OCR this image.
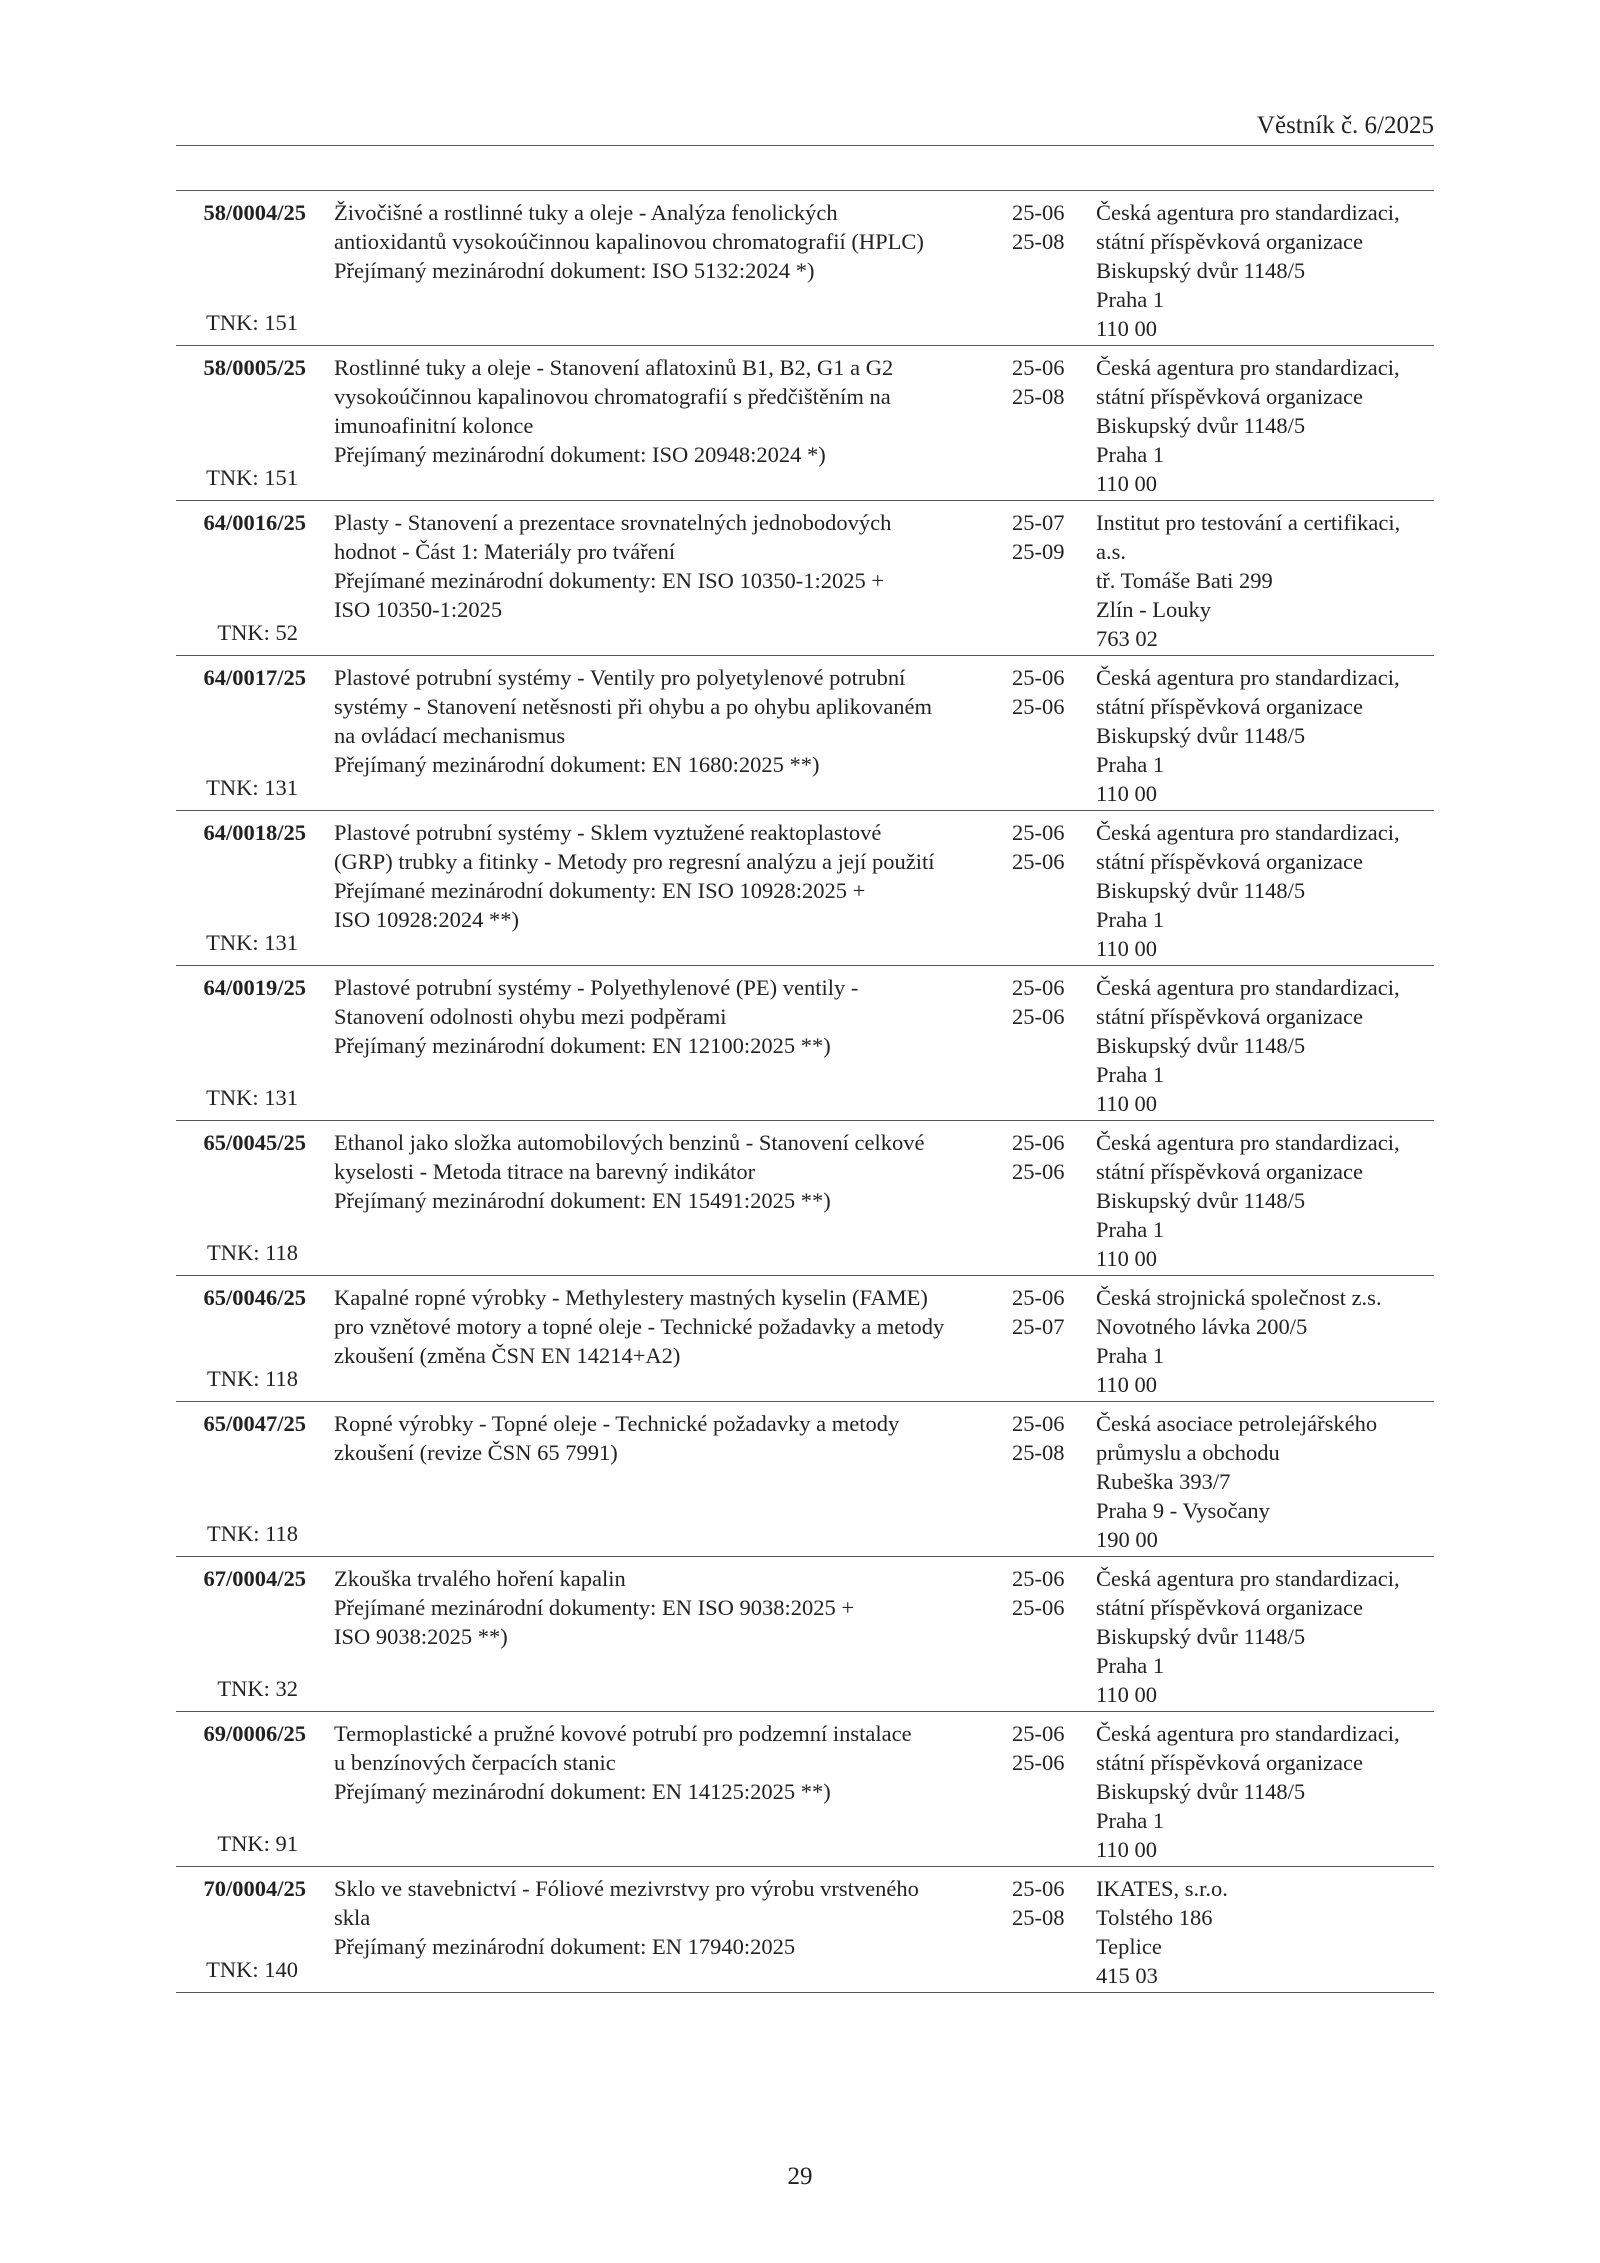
Věstník č. 6/2025
58/0004/25
TNK: 151
Živočišné a rostlinné tuky a oleje - Analýza fenolických
antioxidantů vysokoúčinnou kapalinovou chromatografií (HPLC)
Přejímaný mezinárodní dokument: ISO 5132:2024 *)
25-06
25-08
Česká agentura pro standardizaci,
státní příspěvková organizace
Biskupský dvůr 1148/5
Praha 1
110 00
58/0005/25
TNK: 151
Rostlinné tuky a oleje - Stanovení aflatoxinů B1, B2, G1 a G2
vysokoúčinnou kapalinovou chromatografií s předčištěním na
imunoafinitní kolonce
Přejímaný mezinárodní dokument: ISO 20948:2024 *)
25-06
25-08
Česká agentura pro standardizaci,
státní příspěvková organizace
Biskupský dvůr 1148/5
Praha 1
110 00
64/0016/25
TNK: 52
Plasty - Stanovení a prezentace srovnatelných jednobodových
hodnot - Část 1: Materiály pro tváření
Přejímané mezinárodní dokumenty: EN ISO 10350-1:2025 +
ISO 10350-1:2025
25-07
25-09
Institut pro testování a certifikaci,
a.s.
tř. Tomáše Bati 299
Zlín - Louky
763 02
64/0017/25
TNK: 131
Plastové potrubní systémy - Ventily pro polyetylenové potrubní
systémy - Stanovení netěsnosti při ohybu a po ohybu aplikovaném
na ovládací mechanismus
Přejímaný mezinárodní dokument: EN 1680:2025 **)
25-06
25-06
Česká agentura pro standardizaci,
státní příspěvková organizace
Biskupský dvůr 1148/5
Praha 1
110 00
64/0018/25
TNK: 131
Plastové potrubní systémy - Sklem vyztužené reaktoplastové
(GRP) trubky a fitinky - Metody pro regresní analýzu a její použití
Přejímané mezinárodní dokumenty: EN ISO 10928:2025 +
ISO 10928:2024 **)
25-06
25-06
Česká agentura pro standardizaci,
státní příspěvková organizace
Biskupský dvůr 1148/5
Praha 1
110 00
64/0019/25
TNK: 131
Plastové potrubní systémy - Polyethylenové (PE) ventily -
Stanovení odolnosti ohybu mezi podpěrami
Přejímaný mezinárodní dokument: EN 12100:2025 **)
25-06
25-06
Česká agentura pro standardizaci,
státní příspěvková organizace
Biskupský dvůr 1148/5
Praha 1
110 00
65/0045/25
TNK: 118
Ethanol jako složka automobilových benzinů - Stanovení celkové
kyselosti - Metoda titrace na barevný indikátor
Přejímaný mezinárodní dokument: EN 15491:2025 **)
25-06
25-06
Česká agentura pro standardizaci,
státní příspěvková organizace
Biskupský dvůr 1148/5
Praha 1
110 00
65/0046/25
TNK: 118
Kapalné ropné výrobky - Methylestery mastných kyselin (FAME)
pro vznětové motory a topné oleje - Technické požadavky a metody
zkoušení (změna ČSN EN 14214+A2)
25-06
25-07
Česká strojnická společnost z.s.
Novotného lávka 200/5
Praha 1
110 00
65/0047/25
TNK: 118
Ropné výrobky - Topné oleje - Technické požadavky a metody
zkoušení (revize ČSN 65 7991)
25-06
25-08
Česká asociace petrolejářského
průmyslu a obchodu
Rubeška 393/7
Praha 9 - Vysočany
190 00
67/0004/25
TNK: 32
Zkouška trvalého hoření kapalin
Přejímané mezinárodní dokumenty: EN ISO 9038:2025 +
ISO 9038:2025 **)
25-06
25-06
Česká agentura pro standardizaci,
státní příspěvková organizace
Biskupský dvůr 1148/5
Praha 1
110 00
69/0006/25
TNK: 91
Termoplastické a pružné kovové potrubí pro podzemní instalace
u benzínových čerpacích stanic
Přejímaný mezinárodní dokument: EN 14125:2025 **)
25-06
25-06
Česká agentura pro standardizaci,
státní příspěvková organizace
Biskupský dvůr 1148/5
Praha 1
110 00
70/0004/25
TNK: 140
Sklo ve stavebnictví - Fóliové mezivrstvy pro výrobu vrstveného
skla
Přejímaný mezinárodní dokument: EN 17940:2025
25-06
25-08
IKATES, s.r.o.
Tolstého 186
Teplice
415 03
29
